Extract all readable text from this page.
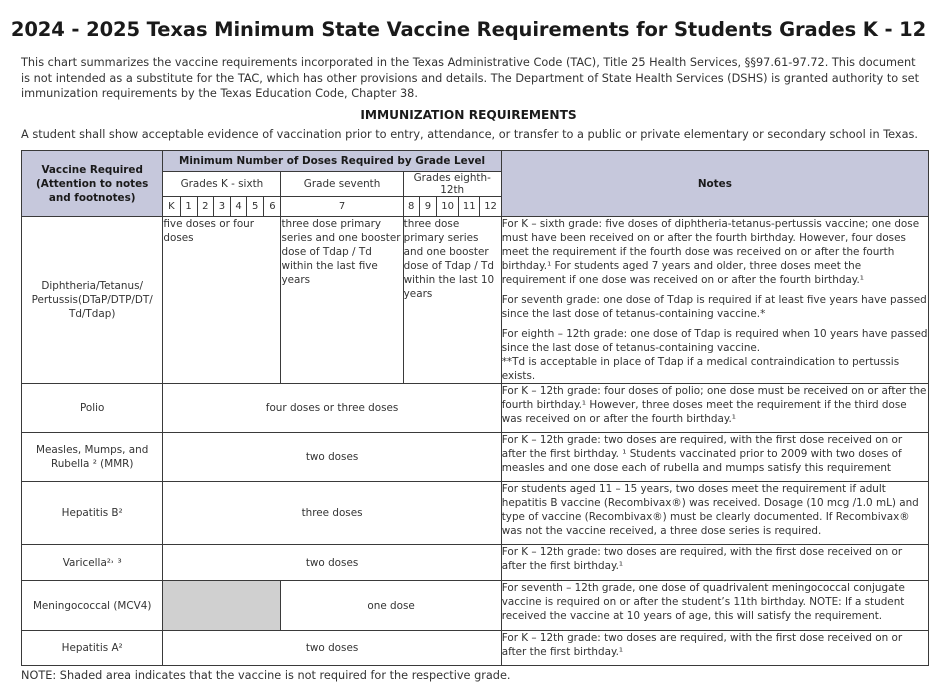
2024 - 2025 Texas Minimum State Vaccine Requirements for Students Grades K - 12
This chart summarizes the vaccine requirements incorporated in the Texas Administrative Code (TAC), Title 25 Health Services, §§97.61-97.72. This document is not intended as a substitute for the TAC, which has other provisions and details. The Department of State Health Services (DSHS) is granted authority to set immunization requirements by the Texas Education Code, Chapter 38.
IMMUNIZATION REQUIREMENTS
A student shall show acceptable evidence of vaccination prior to entry, attendance, or transfer to a public or private elementary or secondary school in Texas.
Vaccine Required (Attention to notes and footnotes)	Minimum Number of Doses Required by Grade Level													Notes
	Grades K - sixth							Grade seventh	Grades eighth-12th					
	K	1	2	3	4	5	6	7	8	9	10	11	12	
Diphtheria/Tetanus/ Pertussis(DTaP/DTP/DT/ Td/Tdap)	five doses or four doses							three dose primary series and one booster dose of Tdap / Td within the last five years	three dose primary series and one booster dose of Tdap / Td within the last 10 years					For K – sixth grade: five doses of diphtheria-tetanus-pertussis vaccine; one dose must have been received on or after the fourth birthday. However, four doses meet the requirement if the fourth dose was received on or after the fourth birthday.¹ For students aged 7 years and older, three doses meet the requirement if one dose was received on or after the fourth birthday.¹

For seventh grade: one dose of Tdap is required if at least five years have passed since the last dose of tetanus-containing vaccine.*

For eighth – 12th grade: one dose of Tdap is required when 10 years have passed since the last dose of tetanus-containing vaccine.

**Td is acceptable in place of Tdap if a medical contraindication to pertussis exists.

Polio	four doses or three doses													For K – 12th grade: four doses of polio; one dose must be received on or after the fourth birthday.¹ However, three doses meet the requirement if the third dose was received on or after the fourth birthday.¹
Measles, Mumps, and Rubella ² (MMR)	two doses													For K – 12th grade: two doses are required, with the first dose received on or after the first birthday. ¹ Students vaccinated prior to 2009 with two doses of measles and one dose each of rubella and mumps satisfy this requirement
Hepatitis B²	three doses													For students aged 11 – 15 years, two doses meet the requirement if adult hepatitis B vaccine (Recombivax®) was received. Dosage (10 mcg /1.0 mL) and type of vaccine (Recombivax®) must be clearly documented. If Recombivax® was not the vaccine received, a three dose series is required.
Varicella²˒ ³	two doses													For K – 12th grade: two doses are required, with the first dose received on or after the first birthday.¹
Meningococcal (MCV4)								one dose						For seventh – 12th grade, one dose of quadrivalent meningococcal conjugate vaccine is required on or after the student’s 11th birthday. NOTE: If a student received the vaccine at 10 years of age, this will satisfy the requirement.
Hepatitis A²	two doses													For K – 12th grade: two doses are required, with the first dose received on or after the first birthday.¹
NOTE: Shaded area indicates that the vaccine is not required for the respective grade.
